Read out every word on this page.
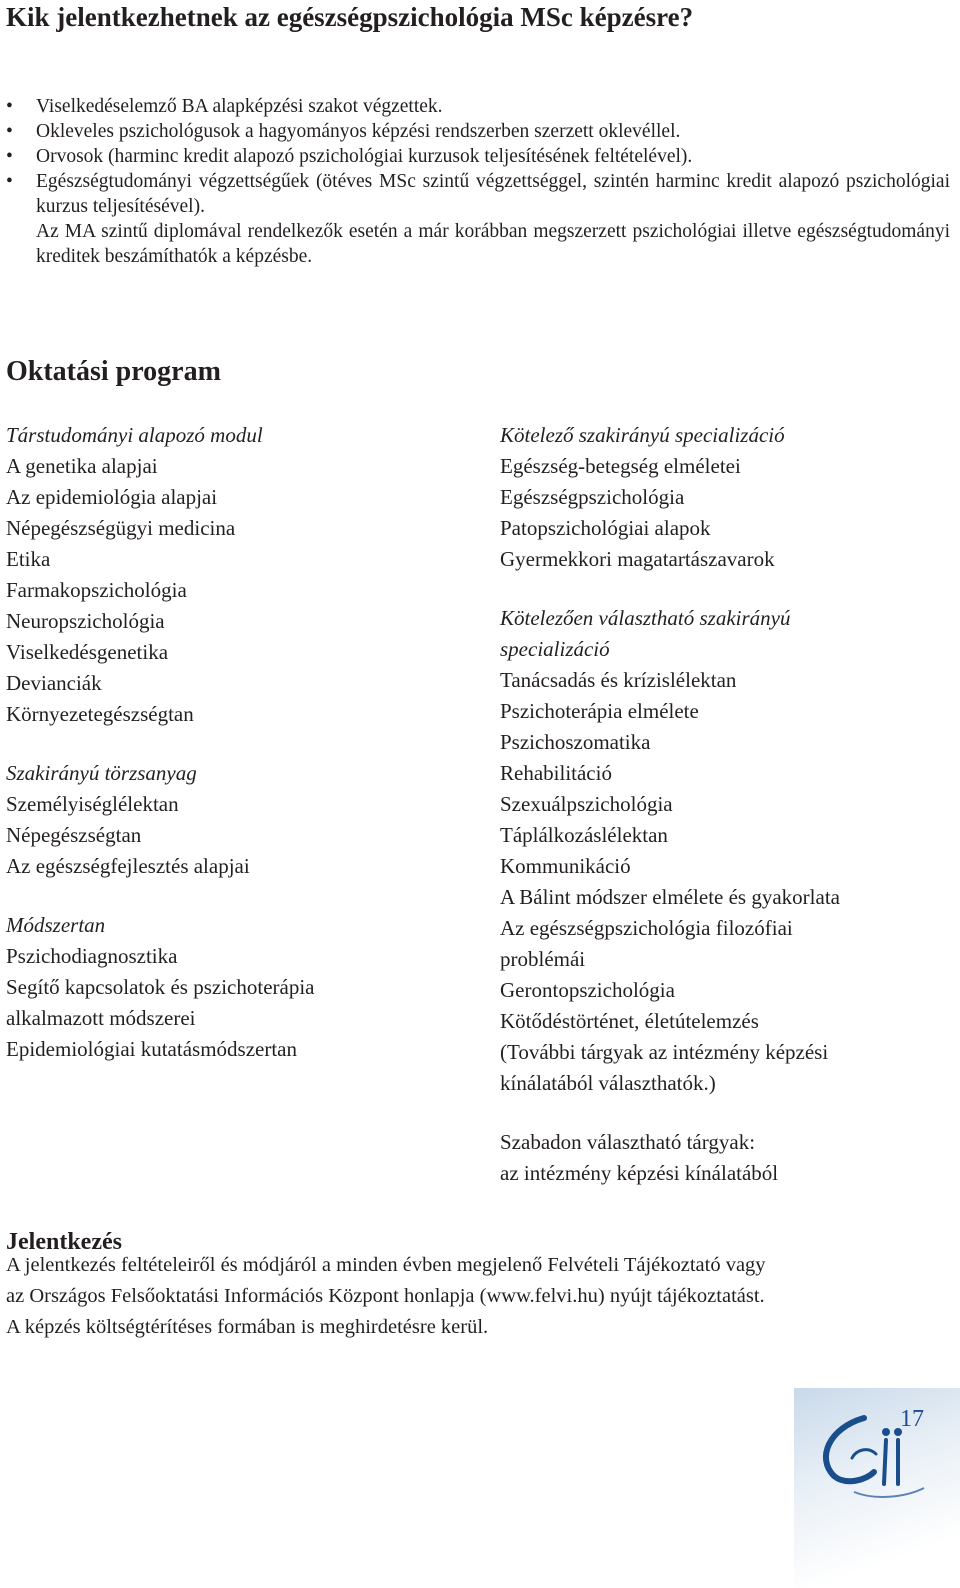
Kik jelentkezhetnek az egészségpszichológia MSc képzésre?
• Viselkedéselemző BA alapképzési szakot végzettek.
• Okleveles pszichológusok a hagyományos képzési rendszerben szerzett oklevéllel.
• Orvosok (harminc kredit alapozó pszichológiai kurzusok teljesítésének feltételével).
• Egészségtudományi végzettségűek (ötéves MSc szintű végzettséggel, szintén harminc kredit alapozó pszichológiai kurzus teljesítésével).
Az MA szintű diplomával rendelkezők esetén a már korábban megszerzett pszichológiai illetve egészségtudományi kreditek beszámíthatók a képzésbe.
Oktatási program
Társtudományi alapozó modul
A genetika alapjai
Az epidemiológia alapjai
Népegészségügyi medicina
Etika
Farmakopszichológia
Neuropszichológia
Viselkedésgenetika
Devianciák
Környezetegészségtan
Szakirányú törzsanyag
Személyiséglélektan
Népegészségtan
Az egészségfejlesztés alapjai
Módszertan
Pszichodiagnosztika
Segítő kapcsolatok és pszichoterápia
alkalmazott módszerei
Epidemiológiai kutatásmódszertan
Kötelező szakirányú specializáció
Egészség-betegség elméletei
Egészségpszichológia
Patopszichológiai alapok
Gyermekkori magatartászavarok
Kötelezően választható szakirányú
specializáció
Tanácsadás és krízislélektan
Pszichoterápia elmélete
Pszichoszomatika
Rehabilitáció
Szexuálpszichológia
Táplálkozáslélektan
Kommunikáció
A Bálint módszer elmélete és gyakorlata
Az egészségpszichológia filozófiai
problémái
Gerontopszichológia
Kötődéstörténet, életútelemzés
(További tárgyak az intézmény képzési
kínálatából választhatók.)
Szabadon választható tárgyak:
az intézmény képzési kínálatából
Jelentkezés
A jelentkezés feltételeiről és módjáról a minden évben megjelenő Felvételi Tájékoztató vagy
az Országos Felsőoktatási Információs Központ honlapja (www.felvi.hu) nyújt tájékoztatást.
A képzés költségtérítéses formában is meghirdetésre kerül.
17
